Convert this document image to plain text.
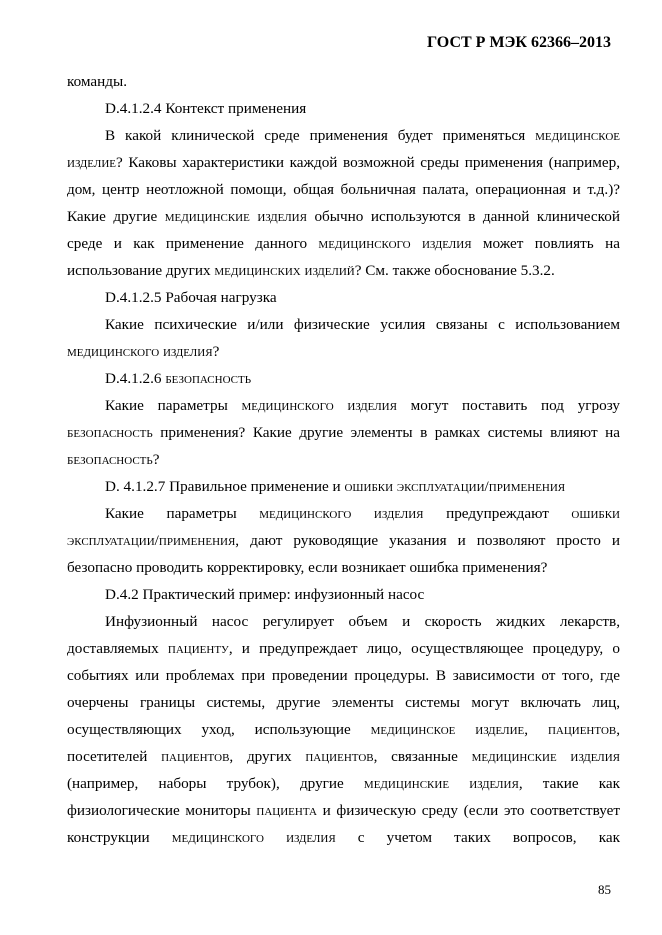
ГОСТ Р МЭК 62366–2013

команды.

D.4.1.2.4 Контекст применения

В какой клинической среде применения будет применяться медицинское изделие? Каковы характеристики каждой возможной среды применения (например, дом, центр неотложной помощи, общая больничная палата, операционная и т.д.)? Какие другие медицинские изделия обычно используются в данной клинической среде и как применение данного медицинского изделия может повлиять на использование других медицинских изделий? См. также обоснование 5.3.2.

D.4.1.2.5 Рабочая нагрузка

Какие психические и/или физические усилия связаны с использованием медицинского изделия?

D.4.1.2.6 безопасность

Какие параметры медицинского изделия могут поставить под угрозу безопасность применения? Какие другие элементы в рамках системы влияют на безопасность?

D. 4.1.2.7 Правильное применение и ошибки эксплуатации/применения

Какие параметры медицинского изделия предупреждают ошибки эксплуатации/применения, дают руководящие указания и позволяют просто и безопасно проводить корректировку, если возникает ошибка применения?

D.4.2 Практический пример: инфузионный насос

Инфузионный насос регулирует объем и скорость жидких лекарств, доставляемых пациенту, и предупреждает лицо, осуществляющее процедуру, о событиях или проблемах при проведении процедуры. В зависимости от того, где очерчены границы системы, другие элементы системы могут включать лиц, осуществляющих уход, использующие медицинское изделие, пациентов, посетителей пациентов, других пациентов, связанные медицинские изделия (например, наборы трубок), другие медицинские изделия, такие как физиологические мониторы пациента и физическую среду (если это соответствует конструкции медицинского изделия с учетом таких вопросов, как

85
